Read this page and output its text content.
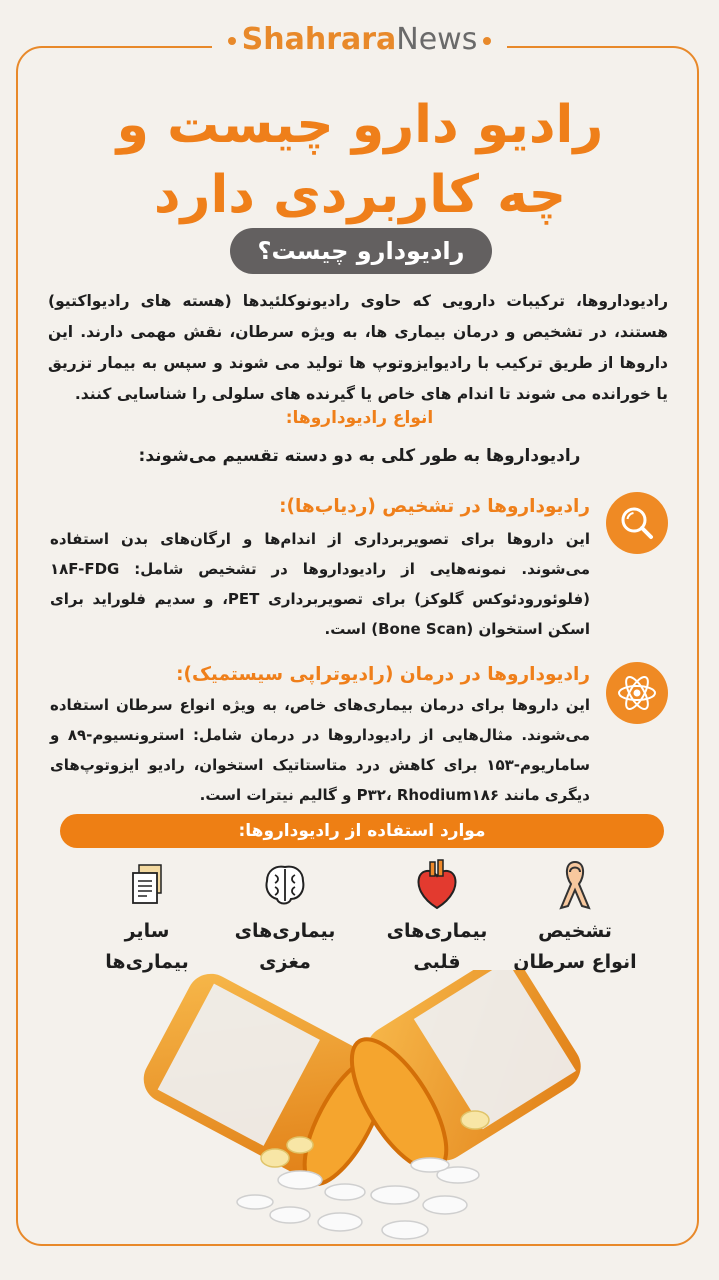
ShahraraNews
رادیو دارو چیست و
چه کاربردی دارد
رادیودارو چیست؟
رادیوداروها، ترکیبات دارویی که حاوی رادیونوکلئیدها (هسته های رادیواکتیو) هستند، در تشخیص و درمان بیماری ها، به ویژه سرطان، نقش مهمی دارند. این داروها از طریق ترکیب با رادیوایزوتوپ ها تولید می شوند و سپس به بیمار تزریق یا خورانده می شوند تا اندام های خاص یا گیرنده های سلولی را شناسایی کنند.
انواع رادیوداروها:
رادیوداروها به طور کلی به دو دسته تقسیم می‌شوند:
رادیوداروها در تشخیص (ردیاب‌ها):
این داروها برای تصویربرداری از اندام‌ها و ارگان‌های بدن استفاده می‌شوند. نمونه‌هایی از رادیوداروها در تشخیص شامل: ۱۸F-FDG (فلوئورودئوکس گلوکز) برای تصویربرداری PET، و سدیم فلوراید برای اسکن استخوان (Bone Scan) است.
رادیوداروها در درمان (رادیوتراپی سیستمیک):
این داروها برای درمان بیماری‌های خاص، به ویژه انواع سرطان استفاده می‌شوند. مثال‌هایی از رادیوداروها در درمان شامل: استرونسیوم-۸۹ و ساماریوم-۱۵۳ برای کاهش درد متاستاتیک استخوان، رادیو ایزوتوپ‌های دیگری مانند P۳۲، Rhodium۱۸۶ و گالیم نیترات است.
موارد استفاده از رادیوداروها:
تشخیص
انواع سرطان
بیماری‌های
قلبی
بیماری‌های
مغزی
سایر
بیماری‌ها
